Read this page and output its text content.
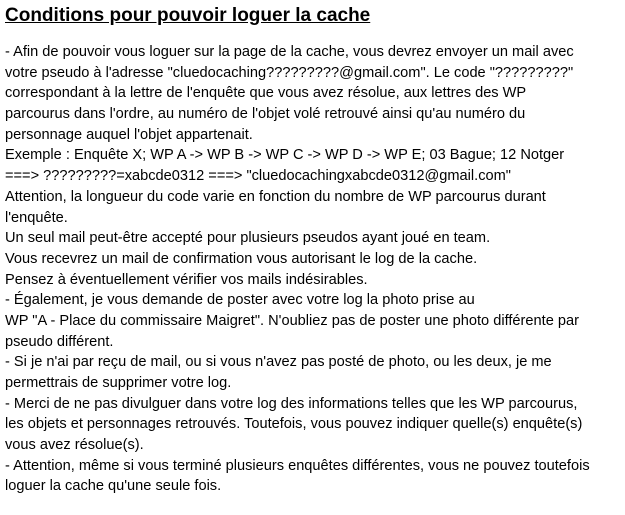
Conditions pour pouvoir loguer la cache
- Afin de pouvoir vous loguer sur la page de la cache, vous devrez envoyer un mail avec
votre pseudo à l'adresse "cluedocaching?????????@gmail.com". Le code "?????????"
correspondant à la lettre de l'enquête que vous avez résolue, aux lettres des WP
parcourus dans l'ordre, au numéro de l'objet volé retrouvé ainsi qu'au numéro du
personnage auquel l'objet appartenait.
Exemple : Enquête X; WP A -> WP B -> WP C -> WP D -> WP E; 03 Bague; 12 Notger
===> ?????????=xabcde0312 ===> "cluedocachingxabcde0312@gmail.com"
Attention, la longueur du code varie en fonction du nombre de WP parcourus durant
l'enquête.
Un seul mail peut-être accepté pour plusieurs pseudos ayant joué en team.
Vous recevrez un mail de confirmation vous autorisant le log de la cache.
Pensez à éventuellement vérifier vos mails indésirables.
- Également, je vous demande de poster avec votre log la photo prise au
WP "A - Place du commissaire Maigret". N'oubliez pas de poster une photo différente par
pseudo différent.
- Si je n'ai par reçu de mail, ou si vous n'avez pas posté de photo, ou les deux, je me
permettrais de supprimer votre log.
- Merci de ne pas divulguer dans votre log des informations telles que les WP parcourus,
les objets et personnages retrouvés. Toutefois, vous pouvez indiquer quelle(s) enquête(s)
vous avez résolue(s).
- Attention, même si vous terminé plusieurs enquêtes différentes, vous ne pouvez toutefois
loguer la cache qu'une seule fois.
